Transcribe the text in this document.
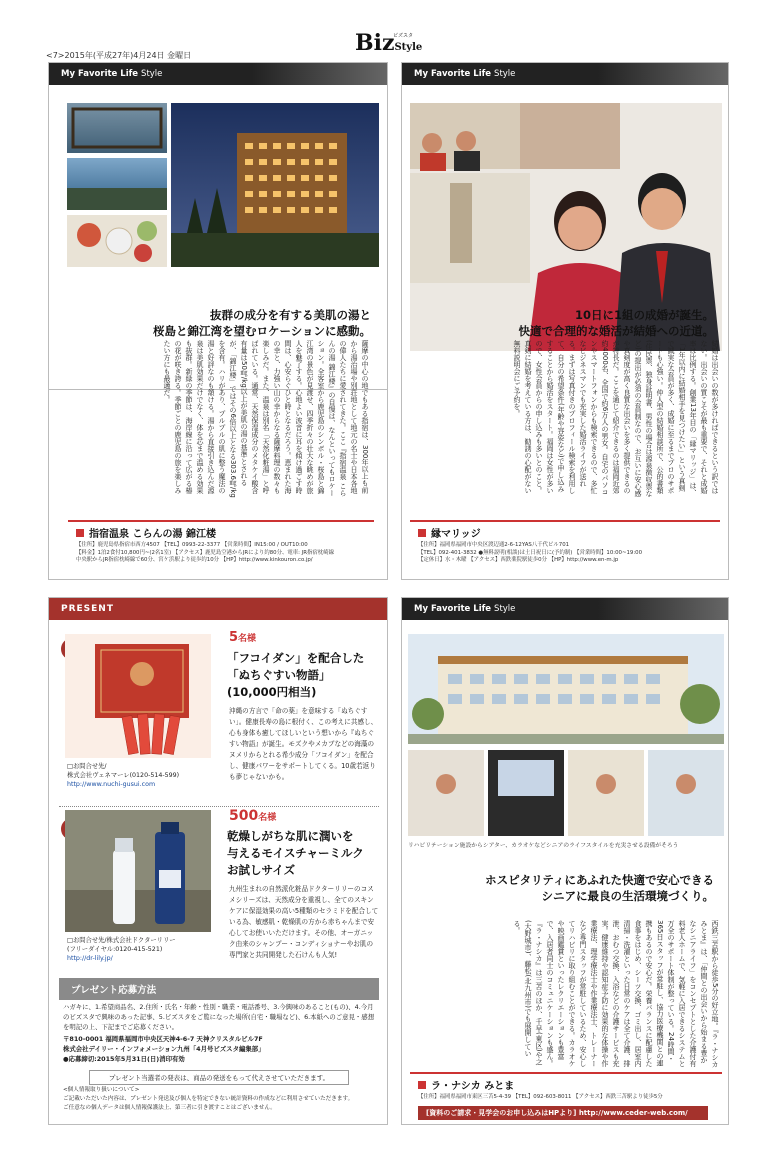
<7>2015年(平成27年)4月24日 金曜日	BizStyle
ビズスタ
My Favorite Life Style
抜群の成分を有する美肌の湯と
桜島と錦江湾を望むロケーションに感動。
薩摩の中心の地でもある指宿は、300年以上も前から湯治場や別荘地として地元の名士や日本各地の偉人たちに愛されてきた。ここ『指宿温泉 こらんの湯 錦江楼』の自慢は、なんといってもロケーション。全客室から鹿児島のシンボル・桜島と錦江湾の景色が見渡せ、四季折々の壮大な眺めが旅人を魅了する。心地よい波音に耳を傾け過ごす時間は、心安らぐひと時となるだろう。恵まれた海の幸と、力強い山の幸からなる薩摩料理の数々も楽しみだ。また、温泉は別名「天然化粧湯」と呼ばれている。通常、天然保湿成分のメタケイ酸含有量は50㎎/kg以上が美肌の湯の基準とされるが、「錦江楼」ではその6倍以上となる303.6㎎/kgを含有。ハリがあり、プルプルの肌に整う魔法の湯と好評なのも頷ける。湯から直接引き込んだ源泉は美肌効果だけでなく、体を芯まで温める効果も抜群。新緑の季節は、海岸線に沿って広がる椿の花が咲き誇る。季節ごとの鹿児島の旅を楽しみたい方にも最適だ。
指宿温泉 こらんの湯 錦江楼
【住所】鹿児島県指宿市西方4507 【TEL】0993-22-3377 【営業時間】IN15:00 / OUT10:00
【料金】1泊2食付10,800円~(2名1室) 【アクセス】鹿児島空港からJRにより約80分、電車: JR指宿枕崎線
中央駅からJR指宿枕崎線で60分、宮ケ浜駅より徒歩約10分 【HP】http://www.kinkouron.co.jp/
My Favorite Life Style
10日に1組の成婚が誕生。
快適で合理的な婚活が結婚への近道。
結婚は出会いの数が多ければできるという訳ではない。出会いの質こそが最も重要で、それと成婚率は比例する。創業13年目の「縁マリッジ」は、「1年以内に結婚相手を見つけたい」という真剣で誠実な会員が多く、成婚に至るまでプロのサポートも心強い。仲人型の結婚相談所で、公的書類(住民票、独身証明書、男性の場合は源泉徴収票など)の提出が必須の会員制なので、お互いに安心感や真剣度が高く良質な出会いを多く提供できるのが特長だ。ここを通じて紹介できるのは福岡近郊約4000名、全国で約6万人の男女。自宅のパソコンやスマートフォンからも検索できるので、多忙なビジネスマンでも充実した婚活ライフが送れる。まずは写真付きのプロフィール検索を利用して、自分の希望条件(年齢や容姿など)で申し込みすることから婚活をスタート。福岡は女性が多いので、女性会員からの申し込みも多いとのこと。真剣に結婚を考えている方は、勧誘の心配がない無料説明会にご予約を。
縁マリッジ
【住所】福岡県福岡市中央区渡辺通2-6-12YAS八千代ビル701
【TEL】092-401-3832 ●無料説明(相談)は土日祝日に(予約制) 【営業時間】10:00~19:00
【定休日】水・木曜 【アクセス】西鉄薬院駅徒歩0分 【HP】http://www.en-m.jp
PRESENT
□お問合せ先/
株式会社ヴェネマーレ(0120-514-599)
http://www.nuchi-gusui.com
5名様
「フコイダン」を配合した
「ぬちぐすい物語」
(10,000円相当)
沖縄の方言で「命の薬」を意味する「ぬちぐすい」。健康長寿の島に根付く、この考えに共感し、心も身体も癒してほしいという想いから『ぬちぐすい物語』が誕生。モズクやメカブなどの海藻のヌメリからとれる希少成分「フコイダン」を配合し、健康パワーをサポートしてくる。10歳若返りも夢じゃないかも。
□お問合せ先/株式会社ドクターリリー
(フリーダイヤル:0120-415-521)
http://dr-lily.jp/
500名様
乾燥しがちな肌に潤いを
与えるモイスチャーミルク
お試しサイズ
九州生まれの自然派化粧品ドクターリリーのコスメシリーズは、天然成分を重視し、全てのスキンケアに保湿効果の高い5種類のセラミドを配合している為、敏感肌・乾燥肌の方から赤ちゃんまで安心してお使いいただけます。その他、オーガニック由来のシャンプー・コンディショナーやお肌の専門家と共同開発した石けんも人気!
プレゼント応募方法
ハガキに、1.希望商品名、2.住所・氏名・年齢・性別・職業・電話番号、3.今興味のあること(もの)、4.今月のビズスタで興味のあった記事、5.ビズスタをご覧になった場所(自宅・職場など)、6.本紙へのご意見・感想を明記の上、下記までご応募ください。
〒810-0001 福岡県福岡市中央区天神4-6-7 天神クリスタルビル7F
株式会社デイリー・インフォメーション九州「4月号ビズスタ編集部」
●応募締切:2015年5月31日(日)消印有効
プレゼント当選者の発表は、商品の発送をもって代えさせていただきます。
<個人情報取り扱いについて>
ご記載いただいた内容は、プレゼント発送及び個人を特定できない統計資料の作成などに利用させていただきます。
ご任意なの個人データは個人情報保護法上、第三者に引き渡すことはございません。
My Favorite Life Style
リハビリテーション施設からシアター、カラオケなどシニアのライフスタイルを充実させる設備がそろう
ホスピタリティにあふれた快適で安心できる
シニアに最良の生活環境づくり。
西鉄三苫駅から徒歩5分の好立地。『ラ・ナシカ みとま』は、「仲間との出会いから始まる豊かなシニアライフ」をコンセプトとした介護付有料老人ホームで、気軽に入居できるシステムと万全のサポート体制が整っている。24時間・365日スタッフが常駐し、協力医療機関との連携もあるので安心だ。栄養バランスに配慮した食事をはじめ、シーツ交換、ゴミ出し、居室内清掃・洗濯といった日常のケアは全て介護、排泄、おむつ交換、入浴などの介護サービスも充実。健康維持や認知症予防に効果的な体操や作業療法、理学療法士や作業療法士、トレーナーなど専門スタッフが常駐しているため、安心してリハビリに取り組むことができる。カラオケや映画鑑賞といったレクリエーションも豊富で、入居者同士のコミュニケーションも盛ん。『ラ・ナシカ』は三苫のほか、千早(東区)や之(大野城市)、藤松(北九州市)でも展開している。
ラ・ナシカ みとま
【住所】福岡県福岡市東区三苫5-4-39 【TEL】092-603-8011 【アクセス】西鉄三苫駅より徒歩5分
[資料のご請求・見学会のお申し込みはHPより] http://www.ceder-web.com/
